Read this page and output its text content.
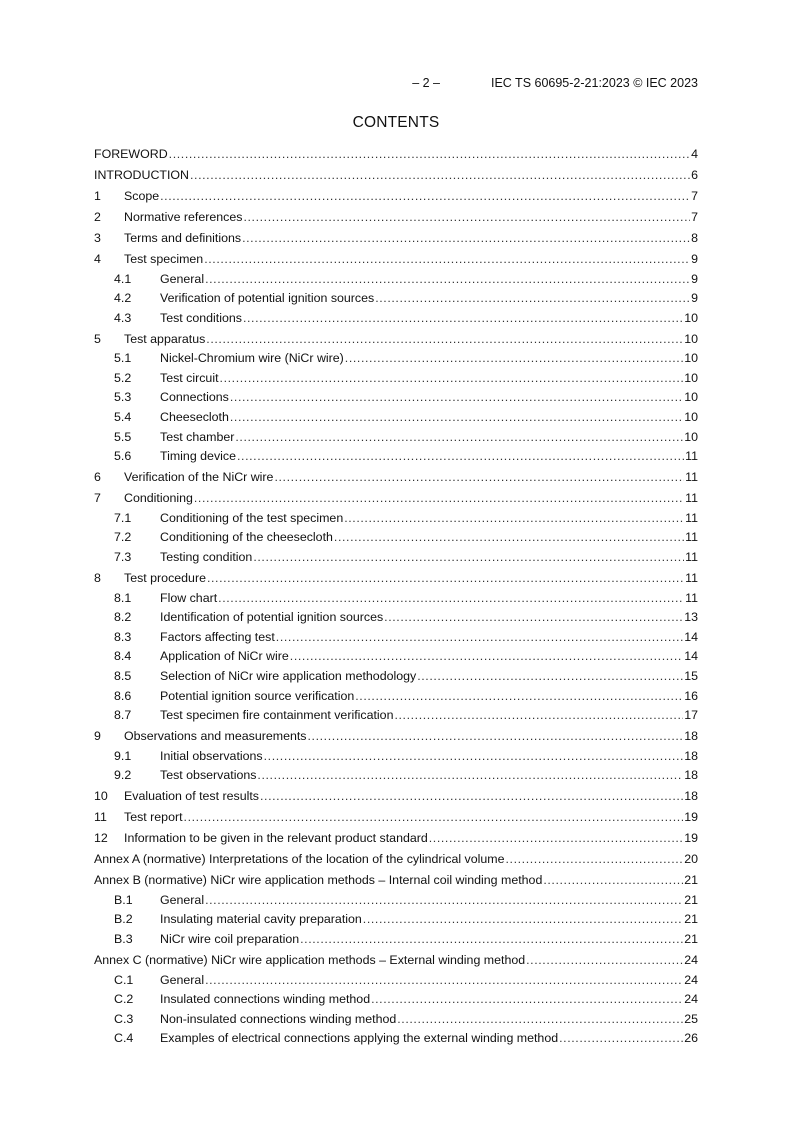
– 2 –

	IEC TS 60695-2-21:2023 © IEC 2023

CONTENTS
FOREWORD .....	4
INTRODUCTION .....	6
1 Scope .....	7
2 Normative references .....	7
3 Terms and definitions .....	8
4 Test specimen .....	9
4.1 General .....	9
4.2 Verification of potential ignition sources .....	9
4.3 Test conditions .....	10
5 Test apparatus .....	10
5.1 Nickel-Chromium wire (NiCr wire) .....	10
5.2 Test circuit .....	10
5.3 Connections .....	10
5.4 Cheesecloth .....	10
5.5 Test chamber .....	10
5.6 Timing device .....	11
6 Verification of the NiCr wire .....	11
7 Conditioning .....	11
7.1 Conditioning of the test specimen .....	11
7.2 Conditioning of the cheesecloth .....	11
7.3 Testing condition .....	11
8 Test procedure .....	11
8.1 Flow chart .....	11
8.2 Identification of potential ignition sources .....	13
8.3 Factors affecting test .....	14
8.4 Application of NiCr wire .....	14
8.5 Selection of NiCr wire application methodology .....	15
8.6 Potential ignition source verification .....	16
8.7 Test specimen fire containment verification .....	17
9 Observations and measurements .....	18
9.1 Initial observations .....	18
9.2 Test observations .....	18
10 Evaluation of test results .....	18
11 Test report .....	19
12 Information to be given in the relevant product standard .....	19
Annex A (normative) Interpretations of the location of the cylindrical volume .....	20
Annex B (normative) NiCr wire application methods – Internal coil winding method .....	21
B.1 General .....	21
B.2 Insulating material cavity preparation .....	21
B.3 NiCr wire coil preparation .....	21
Annex C (normative) NiCr wire application methods – External winding method .....	24
C.1 General .....	24
C.2 Insulated connections winding method .....	24
C.3 Non-insulated connections winding method .....	25
C.4 Examples of electrical connections applying the external winding method .....	26
